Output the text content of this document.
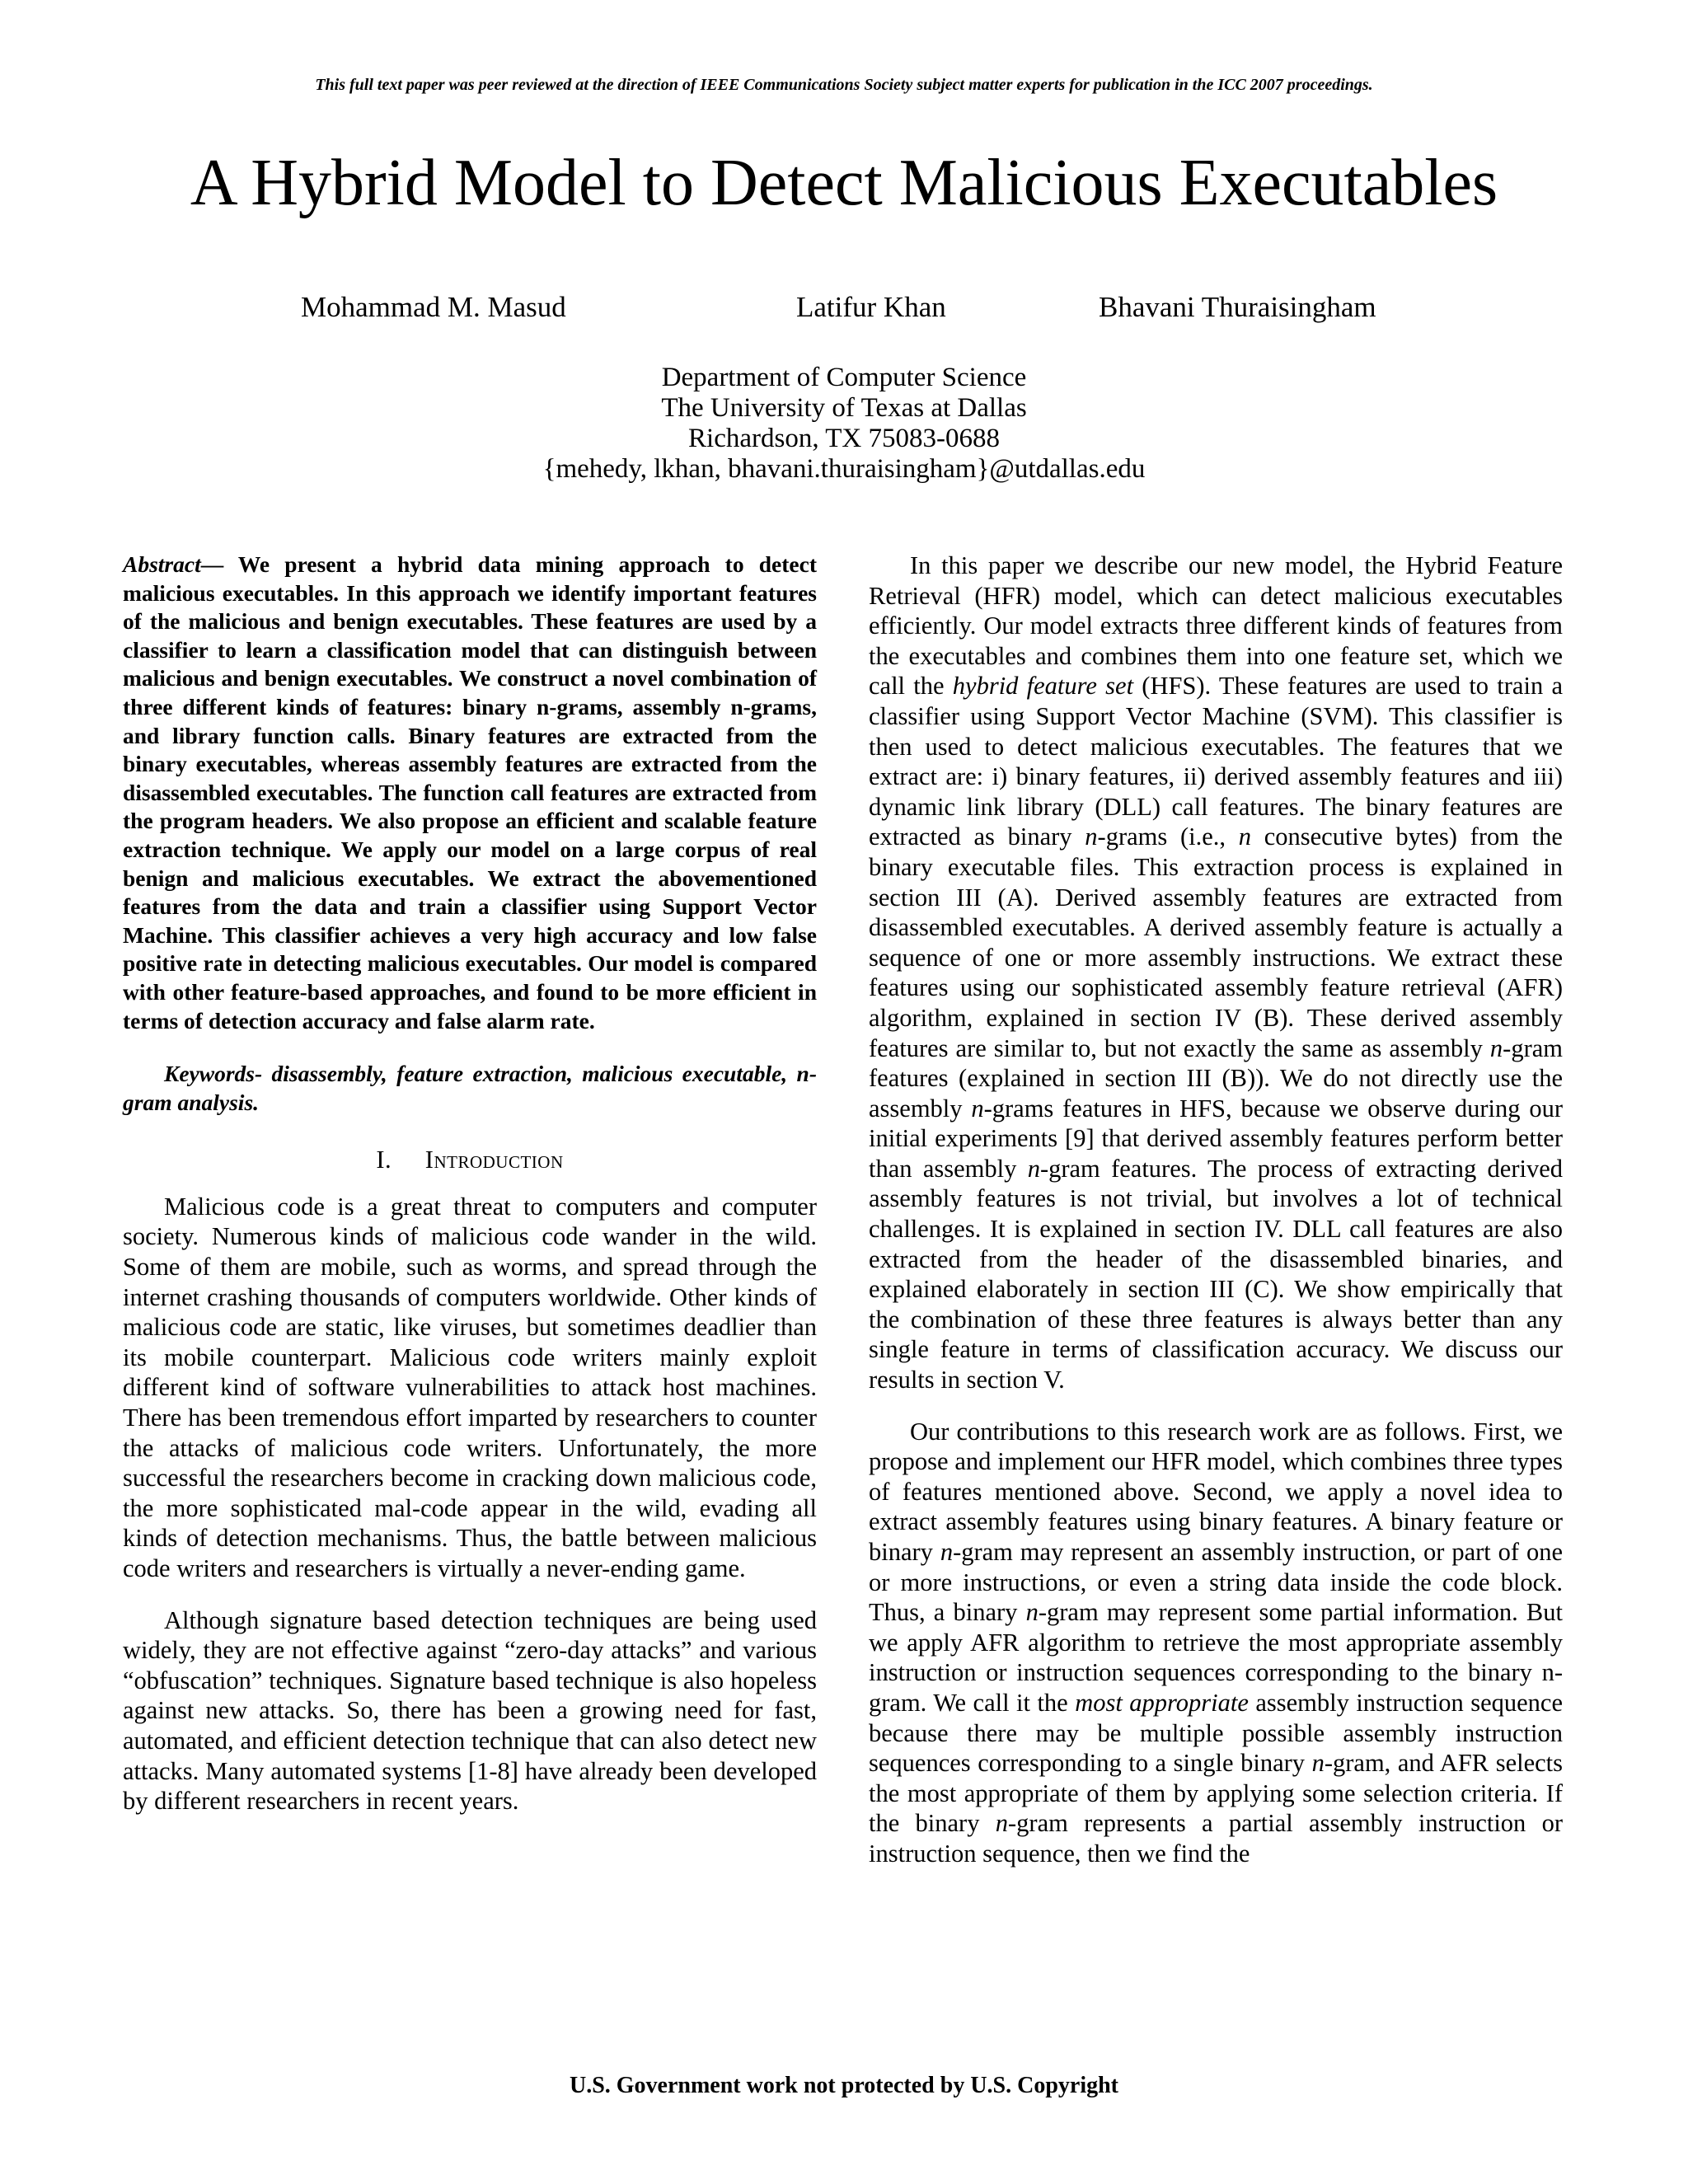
This full text paper was peer reviewed at the direction of IEEE Communications Society subject matter experts for publication in the ICC 2007 proceedings.
A Hybrid Model to Detect Malicious Executables
Mohammad M. Masud	Latifur Khan	Bhavani Thuraisingham
Department of Computer Science
The University of Texas at Dallas
Richardson, TX 75083-0688
{mehedy, lkhan, bhavani.thuraisingham}@utdallas.edu

Abstract— We present a hybrid data mining approach to detect malicious executables. In this approach we identify important features of the malicious and benign executables. These features are used by a classifier to learn a classification model that can distinguish between malicious and benign executables. We construct a novel combination of three different kinds of features: binary n-grams, assembly n-grams, and library function calls. Binary features are extracted from the binary executables, whereas assembly features are extracted from the disassembled executables. The function call features are extracted from the program headers. We also propose an efficient and scalable feature extraction technique. We apply our model on a large corpus of real benign and malicious executables. We extract the abovementioned features from the data and train a classifier using Support Vector Machine. This classifier achieves a very high accuracy and low false positive rate in detecting malicious executables. Our model is compared with other feature-based approaches, and found to be more efficient in terms of detection accuracy and false alarm rate.

Keywords- disassembly, feature extraction, malicious executable, n-gram analysis.

I. Introduction

Malicious code is a great threat to computers and computer society. Numerous kinds of malicious code wander in the wild. Some of them are mobile, such as worms, and spread through the internet crashing thousands of computers worldwide. Other kinds of malicious code are static, like viruses, but sometimes deadlier than its mobile counterpart. Malicious code writers mainly exploit different kind of software vulnerabilities to attack host machines. There has been tremendous effort imparted by researchers to counter the attacks of malicious code writers. Unfortunately, the more successful the researchers become in cracking down malicious code, the more sophisticated mal-code appear in the wild, evading all kinds of detection mechanisms. Thus, the battle between malicious code writers and researchers is virtually a never-ending game.

Although signature based detection techniques are being used widely, they are not effective against “zero-day attacks” and various “obfuscation” techniques. Signature based technique is also hopeless against new attacks. So, there has been a growing need for fast, automated, and efficient detection technique that can also detect new attacks. Many automated systems [1-8] have already been developed by different researchers in recent years.

In this paper we describe our new model, the Hybrid Feature Retrieval (HFR) model, which can detect malicious executables efficiently. Our model extracts three different kinds of features from the executables and combines them into one feature set, which we call the hybrid feature set (HFS). These features are used to train a classifier using Support Vector Machine (SVM). This classifier is then used to detect malicious executables. The features that we extract are: i) binary features, ii) derived assembly features and iii) dynamic link library (DLL) call features. The binary features are extracted as binary n-grams (i.e., n consecutive bytes) from the binary executable files. This extraction process is explained in section III (A). Derived assembly features are extracted from disassembled executables. A derived assembly feature is actually a sequence of one or more assembly instructions. We extract these features using our sophisticated assembly feature retrieval (AFR) algorithm, explained in section IV (B). These derived assembly features are similar to, but not exactly the same as assembly n-gram features (explained in section III (B)). We do not directly use the assembly n-grams features in HFS, because we observe during our initial experiments [9] that derived assembly features perform better than assembly n-gram features. The process of extracting derived assembly features is not trivial, but involves a lot of technical challenges. It is explained in section IV. DLL call features are also extracted from the header of the disassembled binaries, and explained elaborately in section III (C). We show empirically that the combination of these three features is always better than any single feature in terms of classification accuracy. We discuss our results in section V.

Our contributions to this research work are as follows. First, we propose and implement our HFR model, which combines three types of features mentioned above. Second, we apply a novel idea to extract assembly features using binary features. A binary feature or binary n-gram may represent an assembly instruction, or part of one or more instructions, or even a string data inside the code block. Thus, a binary n-gram may represent some partial information. But we apply AFR algorithm to retrieve the most appropriate assembly instruction or instruction sequences corresponding to the binary n-gram. We call it the most appropriate assembly instruction sequence because there may be multiple possible assembly instruction sequences corresponding to a single binary n-gram, and AFR selects the most appropriate of them by applying some selection criteria. If the binary n-gram represents a partial assembly instruction or instruction sequence, then we find the

U.S. Government work not protected by U.S. Copyright
